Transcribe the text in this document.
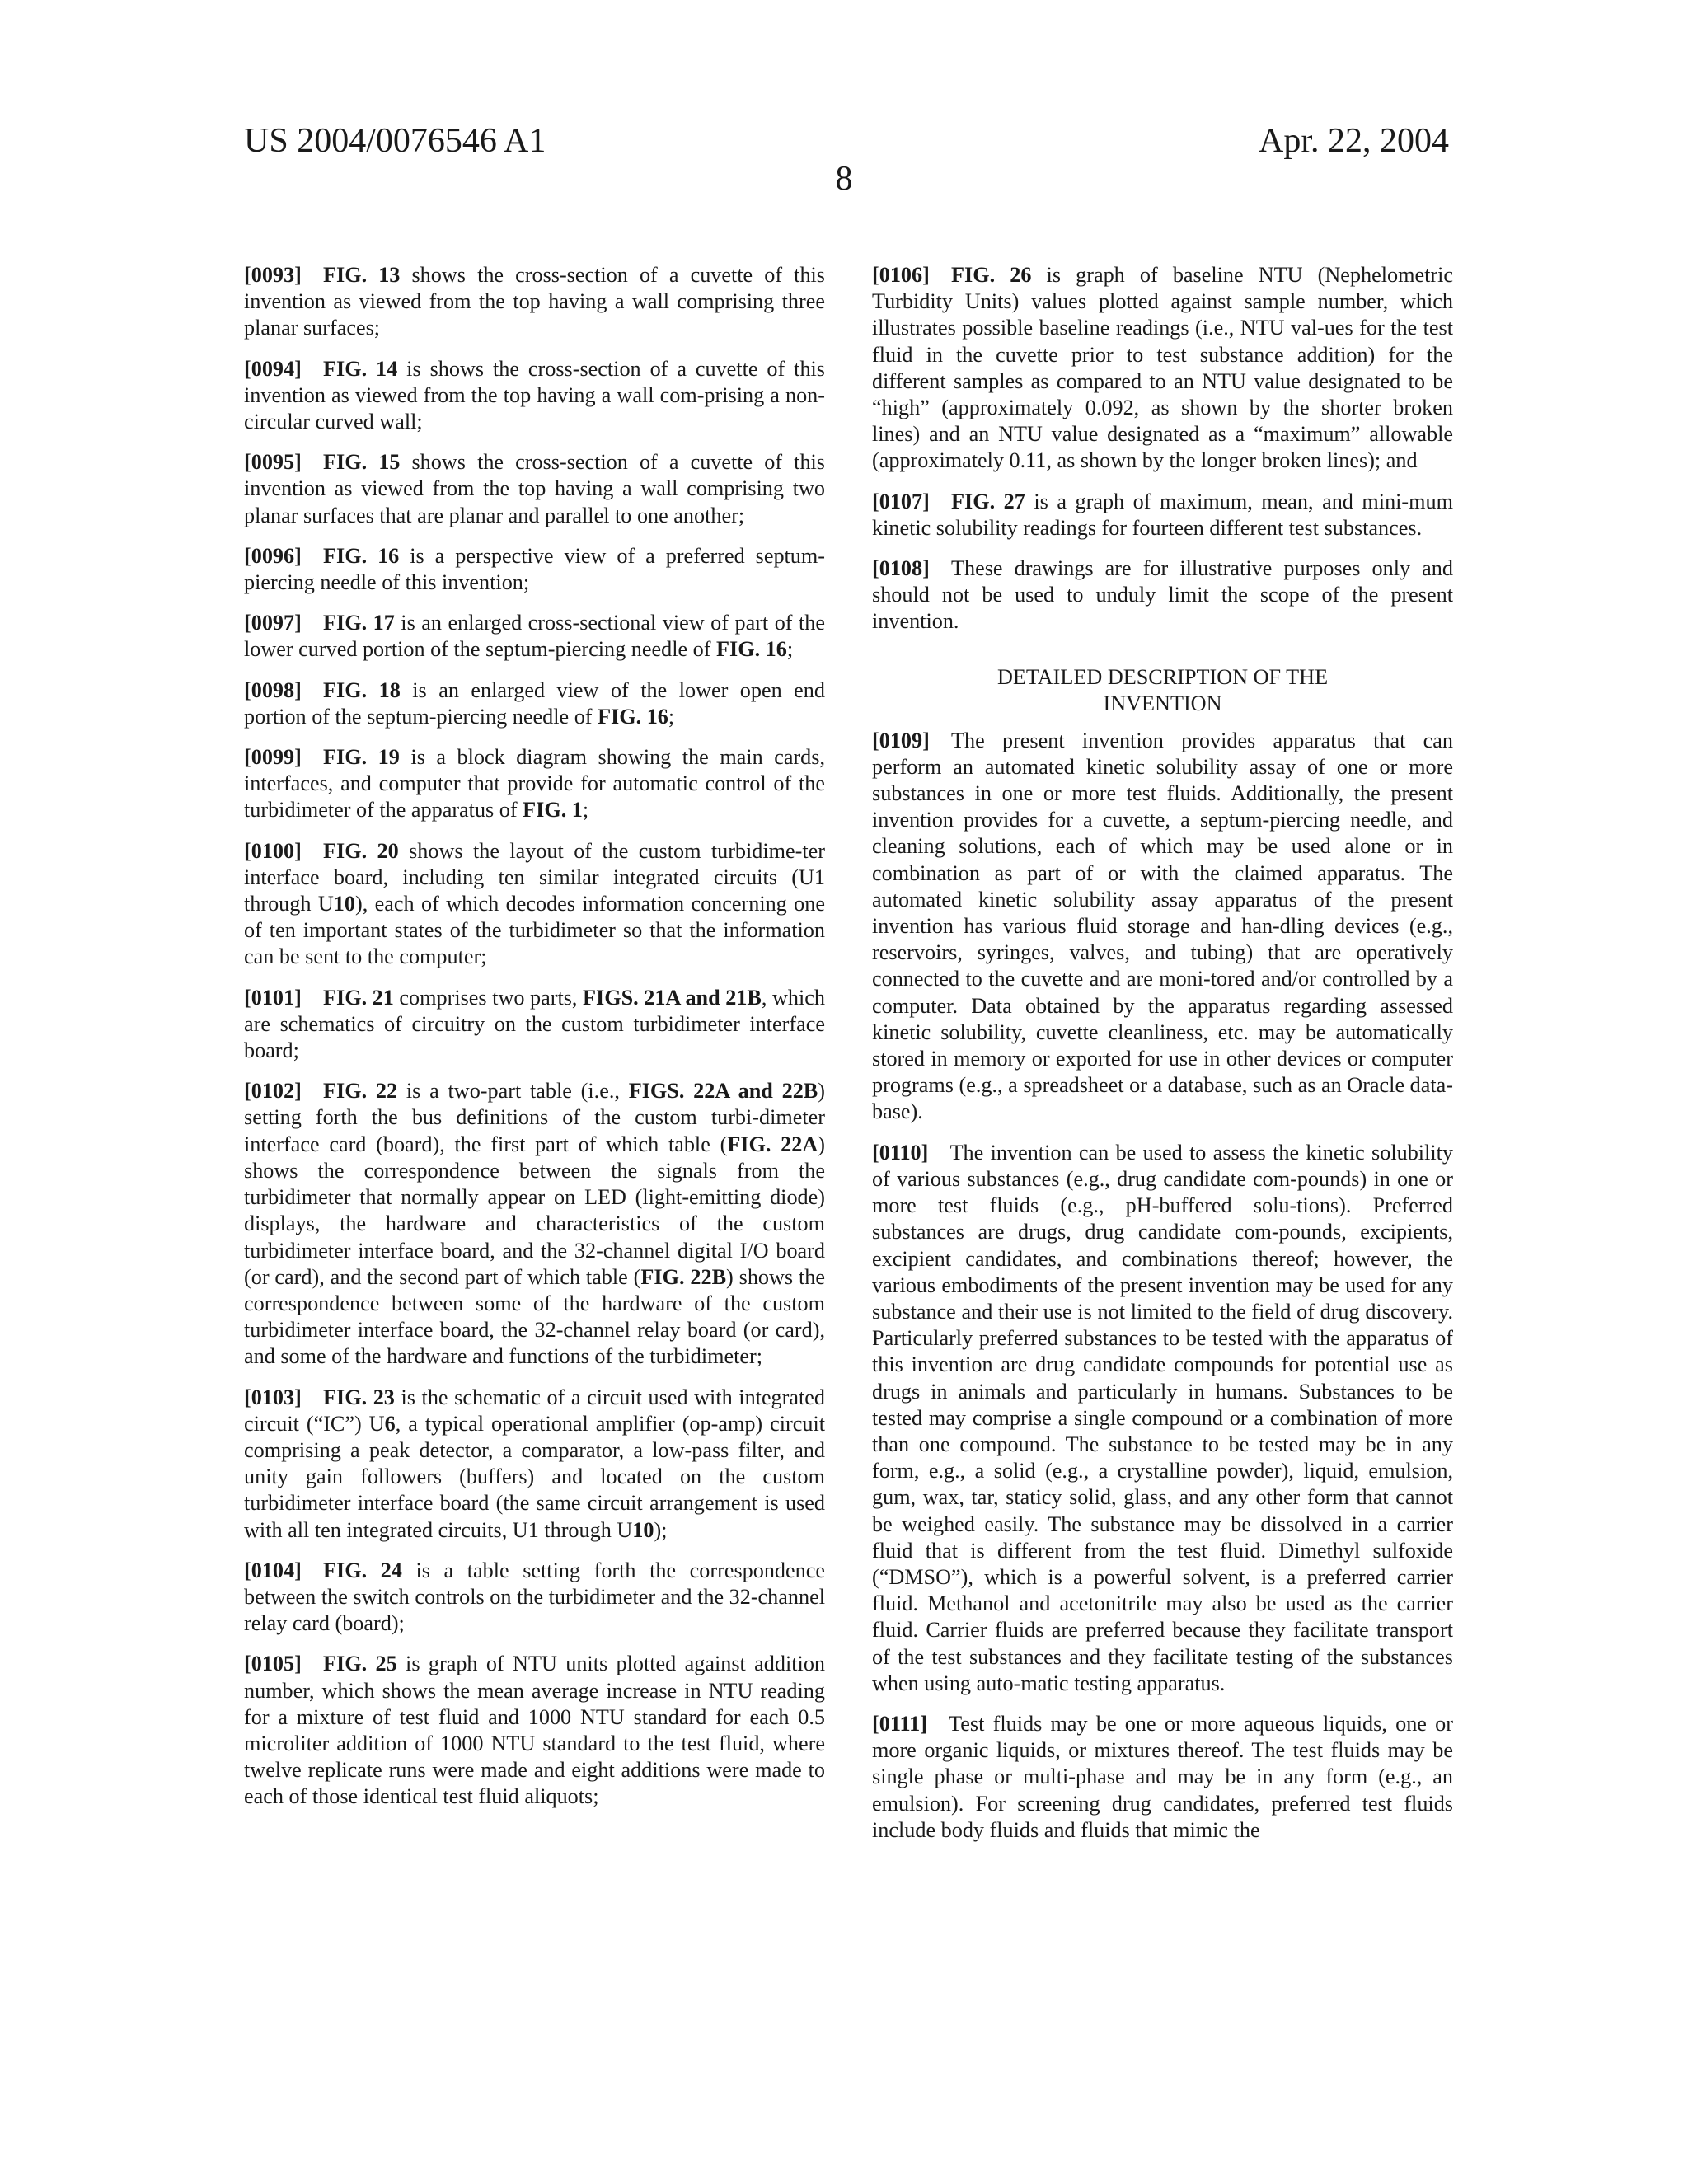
US 2004/0076546 A1	Apr. 22, 2004
8

[0093]  FIG. 13 shows the cross-section of a cuvette of this invention as viewed from the top having a wall comprising three planar surfaces;

[0094]  FIG. 14 is shows the cross-section of a cuvette of this invention as viewed from the top having a wall com-prising a non-circular curved wall;

[0095]  FIG. 15 shows the cross-section of a cuvette of this invention as viewed from the top having a wall comprising two planar surfaces that are planar and parallel to one another;

[0096]  FIG. 16 is a perspective view of a preferred septum-piercing needle of this invention;

[0097]  FIG. 17 is an enlarged cross-sectional view of part of the lower curved portion of the septum-piercing needle of FIG. 16;

[0098]  FIG. 18 is an enlarged view of the lower open end portion of the septum-piercing needle of FIG. 16;

[0099]  FIG. 19 is a block diagram showing the main cards, interfaces, and computer that provide for automatic control of the turbidimeter of the apparatus of FIG. 1;

[0100]  FIG. 20 shows the layout of the custom turbidime-ter interface board, including ten similar integrated circuits (U1 through U10), each of which decodes information concerning one of ten important states of the turbidimeter so that the information can be sent to the computer;

[0101]  FIG. 21 comprises two parts, FIGS. 21A and 21B, which are schematics of circuitry on the custom turbidimeter interface board;

[0102]  FIG. 22 is a two-part table (i.e., FIGS. 22A and 22B) setting forth the bus definitions of the custom turbi-dimeter interface card (board), the first part of which table (FIG. 22A) shows the correspondence between the signals from the turbidimeter that normally appear on LED (light-emitting diode) displays, the hardware and characteristics of the custom turbidimeter interface board, and the 32-channel digital I/O board (or card), and the second part of which table (FIG. 22B) shows the correspondence between some of the hardware of the custom turbidimeter interface board, the 32-channel relay board (or card), and some of the hardware and functions of the turbidimeter;

[0103]  FIG. 23 is the schematic of a circuit used with integrated circuit (“IC”) U6, a typical operational amplifier (op-amp) circuit comprising a peak detector, a comparator, a low-pass filter, and unity gain followers (buffers) and located on the custom turbidimeter interface board (the same circuit arrangement is used with all ten integrated circuits, U1 through U10);

[0104]  FIG. 24 is a table setting forth the correspondence between the switch controls on the turbidimeter and the 32-channel relay card (board);

[0105]  FIG. 25 is graph of NTU units plotted against addition number, which shows the mean average increase in NTU reading for a mixture of test fluid and 1000 NTU standard for each 0.5 microliter addition of 1000 NTU standard to the test fluid, where twelve replicate runs were made and eight additions were made to each of those identical test fluid aliquots;

[0106]  FIG. 26 is graph of baseline NTU (Nephelometric Turbidity Units) values plotted against sample number, which illustrates possible baseline readings (i.e., NTU val-ues for the test fluid in the cuvette prior to test substance addition) for the different samples as compared to an NTU value designated to be “high” (approximately 0.092, as shown by the shorter broken lines) and an NTU value designated as a “maximum” allowable (approximately 0.11, as shown by the longer broken lines); and

[0107]  FIG. 27 is a graph of maximum, mean, and mini-mum kinetic solubility readings for fourteen different test substances.

[0108]  These drawings are for illustrative purposes only and should not be used to unduly limit the scope of the present invention.

DETAILED DESCRIPTION OF THE
INVENTION

[0109]  The present invention provides apparatus that can perform an automated kinetic solubility assay of one or more substances in one or more test fluids. Additionally, the present invention provides for a cuvette, a septum-piercing needle, and cleaning solutions, each of which may be used alone or in combination as part of or with the claimed apparatus. The automated kinetic solubility assay apparatus of the present invention has various fluid storage and han-dling devices (e.g., reservoirs, syringes, valves, and tubing) that are operatively connected to the cuvette and are moni-tored and/or controlled by a computer. Data obtained by the apparatus regarding assessed kinetic solubility, cuvette cleanliness, etc. may be automatically stored in memory or exported for use in other devices or computer programs (e.g., a spreadsheet or a database, such as an Oracle data-base).

[0110]  The invention can be used to assess the kinetic solubility of various substances (e.g., drug candidate com-pounds) in one or more test fluids (e.g., pH-buffered solu-tions). Preferred substances are drugs, drug candidate com-pounds, excipients, excipient candidates, and combinations thereof; however, the various embodiments of the present invention may be used for any substance and their use is not limited to the field of drug discovery. Particularly preferred substances to be tested with the apparatus of this invention are drug candidate compounds for potential use as drugs in animals and particularly in humans. Substances to be tested may comprise a single compound or a combination of more than one compound. The substance to be tested may be in any form, e.g., a solid (e.g., a crystalline powder), liquid, emulsion, gum, wax, tar, staticy solid, glass, and any other form that cannot be weighed easily. The substance may be dissolved in a carrier fluid that is different from the test fluid. Dimethyl sulfoxide (“DMSO”), which is a powerful solvent, is a preferred carrier fluid. Methanol and acetonitrile may also be used as the carrier fluid. Carrier fluids are preferred because they facilitate transport of the test substances and they facilitate testing of the substances when using auto-matic testing apparatus.

[0111]  Test fluids may be one or more aqueous liquids, one or more organic liquids, or mixtures thereof. The test fluids may be single phase or multi-phase and may be in any form (e.g., an emulsion). For screening drug candidates, preferred test fluids include body fluids and fluids that mimic the
